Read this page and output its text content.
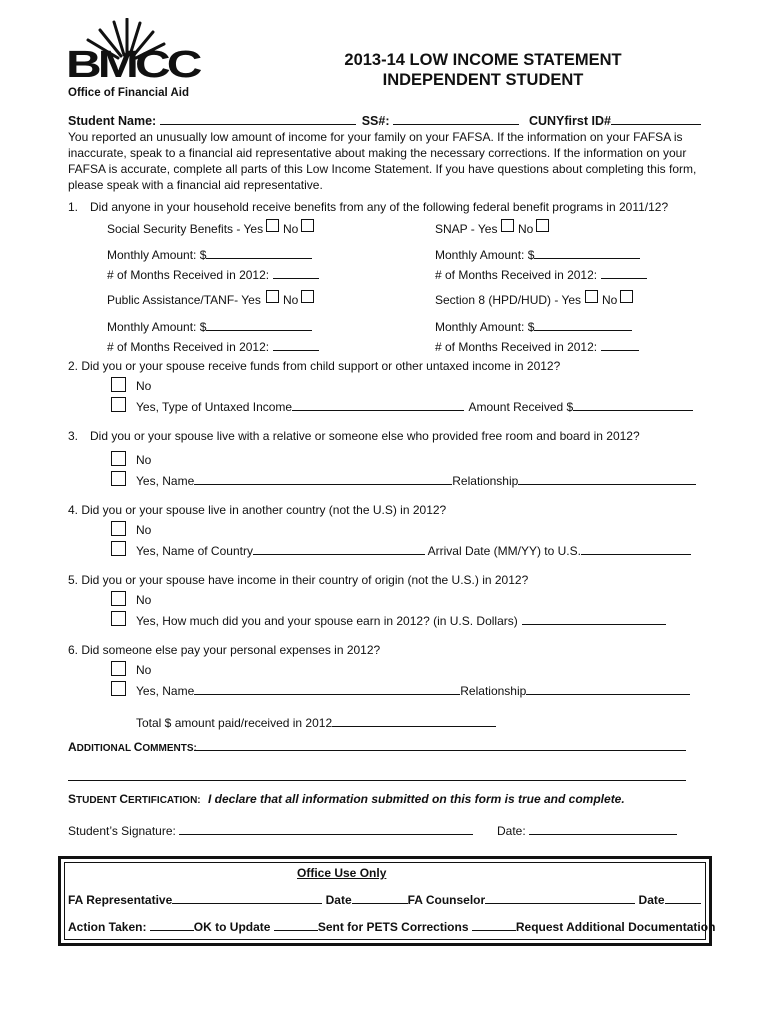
BMCC
Office of Financial Aid
2013-14 LOW INCOME STATEMENT
INDEPENDENT STUDENT
Student Name:	SS#:	CUNYfirst ID#
You reported an unusually low amount of income for your family on your FAFSA. If the information on your FAFSA is inaccurate, speak to a financial aid representative about making the necessary corrections. If the information on your FAFSA is accurate, complete all parts of this Low Income Statement. If you have questions about completing this form, please speak with a financial aid representative.
1. Did anyone in your household receive benefits from any of the following federal benefit programs in 2011/12?
Social Security Benefits - Yes No	SNAP - Yes No
Monthly Amount: $	Monthly Amount: $
# of Months Received in 2012:	# of Months Received in 2012:
Public Assistance/TANF- Yes No	Section 8 (HPD/HUD) - Yes No
Monthly Amount: $	Monthly Amount: $
# of Months Received in 2012:	# of Months Received in 2012:
2. Did you or your spouse receive funds from child support or other untaxed income in 2012?
No
Yes, Type of Untaxed Income	Amount Received $
3. Did you or your spouse live with a relative or someone else who provided free room and board in 2012?
No
Yes, Name	Relationship
4. Did you or your spouse live in another country (not the U.S) in 2012?
No
Yes, Name of Country	Arrival Date (MM/YY) to U.S.
5. Did you or your spouse have income in their country of origin (not the U.S.) in 2012?
No
Yes, How much did you and your spouse earn in 2012? (in U.S. Dollars)
6. Did someone else pay your personal expenses in 2012?
No
Yes, Name	Relationship
Total $ amount paid/received in 2012
ADDITIONAL COMMENTS:
STUDENT CERTIFICATION: I declare that all information submitted on this form is true and complete.
Student’s Signature:	Date:
Office Use Only
FA Representative	Date	FA Counselor	Date
Action Taken:	OK to Update	Sent for PETS Corrections	Request Additional Documentation
